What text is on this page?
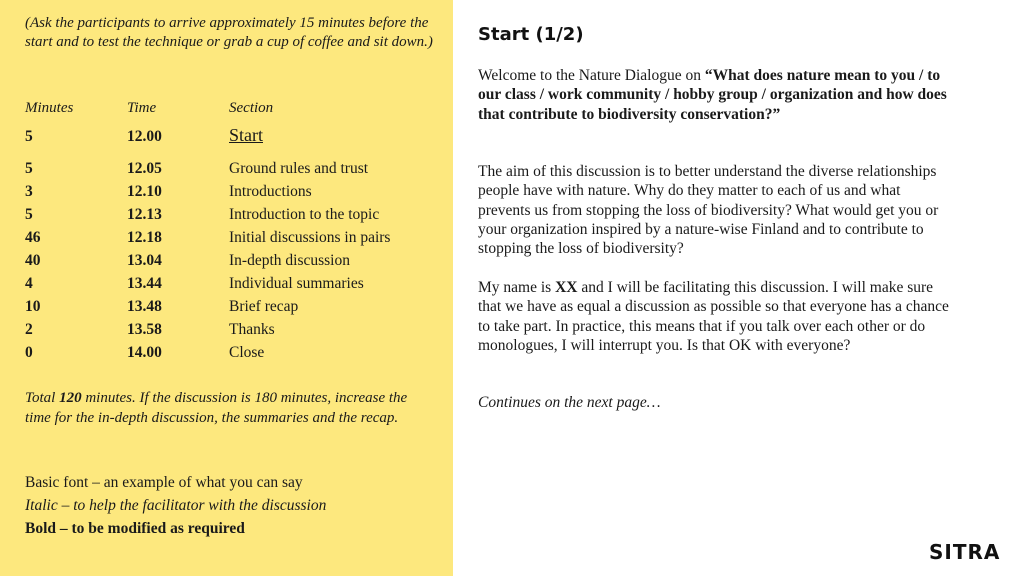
(Ask the participants to arrive approximately 15 minutes before the start and to test the technique or grab a cup of coffee and sit down.)
Minutes	Time	Section
5	12.00	Start
5	12.05	Ground rules and trust
3	12.10	Introductions
5	12.13	Introduction to the topic
46	12.18	Initial discussions in pairs
40	13.04	In-depth discussion
4	13.44	Individual summaries
10	13.48	Brief recap
2	13.58	Thanks
0	14.00	Close
Total 120 minutes. If the discussion is 180 minutes, increase the time for the in-depth discussion, the summaries and the recap.
Basic font – an example of what you can say
Italic – to help the facilitator with the discussion
Bold – to be modified as required
Start (1/2)
Welcome to the Nature Dialogue on “What does nature mean to you / to our class / work community / hobby group / organization and how does that contribute to biodiversity conservation?”
The aim of this discussion is to better understand the diverse relationships people have with nature. Why do they matter to each of us and what prevents us from stopping the loss of biodiversity? What would get you or your organization inspired by a nature-wise Finland and to contribute to stopping the loss of biodiversity?
My name is XX and I will be facilitating this discussion. I will make sure that we have as equal a discussion as possible so that everyone has a chance to take part. In practice, this means that if you talk over each other or do monologues, I will interrupt you. Is that OK with everyone?
Continues on the next page…
SITRA
